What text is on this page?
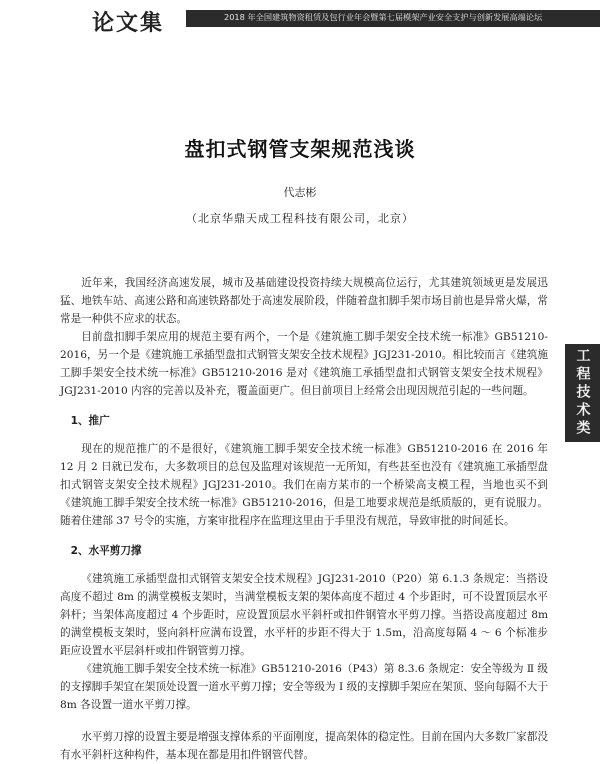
论文集	2018 年全国建筑物资租赁及包行业年会暨第七届模架产业安全支护与创新发展高端论坛
盘扣式钢管支架规范浅谈
代志彬
（北京华鼎天成工程科技有限公司，北京）

近年来，我国经济高速发展，城市及基础建设投资持续大规模高位运行，尤其建筑领域更是发展迅猛、地铁车站、高速公路和高速铁路都处于高速发展阶段，伴随着盘扣脚手架市场目前也是异常火爆，常常是一种供不应求的状态。

目前盘扣脚手架应用的规范主要有两个，一个是《建筑施工脚手架安全技术统一标准》GB51210-2016，另一个是《建筑施工承插型盘扣式钢管支架安全技术规程》JGJ231-2010。相比较而言《建筑施工脚手架安全技术统一标准》GB51210-2016 是对《建筑施工承插型盘扣式钢管支架安全技术规程》JGJ231-2010 内容的完善以及补充，覆盖面更广。但目前项目上经常会出现因规范引起的一些问题。

1、推广

现在的规范推广的不是很好，《建筑施工脚手架安全技术统一标准》GB51210-2016 在 2016 年 12 月 2 日就已发布，大多数项目的总包及监理对该规范一无所知，有些甚至也没有《建筑施工承插型盘扣式钢管支架安全技术规程》JGJ231-2010。我们在南方某市的一个桥梁高支模工程，当地也买不到《建筑施工脚手架安全技术统一标准》GB51210-2016，但是工地要求规范是纸质版的，更有说服力。随着住建部 37 号令的实施，方案审批程序在监理这里由于手里没有规范，导致审批的时间延长。

2、水平剪刀撑

《建筑施工承插型盘扣式钢管支架安全技术规程》JGJ231-2010（P20）第 6.1.3 条规定：当搭设高度不超过 8m 的满堂模板支架时，当满堂模板支架的架体高度不超过 4 个步距时，可不设置顶层水平斜杆；当架体高度超过 4 个步距时，应设置顶层水平斜杆或扣件钢管水平剪刀撑。当搭设高度超过 8m 的满堂模板支架时，竖向斜杆应满布设置，水平杆的步距不得大于 1.5m，沿高度每隔 4 ～ 6 个标准步距应设置水平层斜杆或扣件钢管剪刀撑。

《建筑施工脚手架安全技术统一标准》GB51210-2016（P43）第 8.3.6 条规定：安全等级为 Ⅱ 级的支撑脚手架宜在架顶处设置一道水平剪刀撑；安全等级为 Ⅰ 级的支撑脚手架应在架顶、竖向每隔不大于 8m 各设置一道水平剪刀撑。

水平剪刀撑的设置主要是增强支撑体系的平面刚度，提高架体的稳定性。目前在国内大多数厂家都没有水平斜杆这种构件，基本现在都是用扣件钢管代替。

工程技术类
